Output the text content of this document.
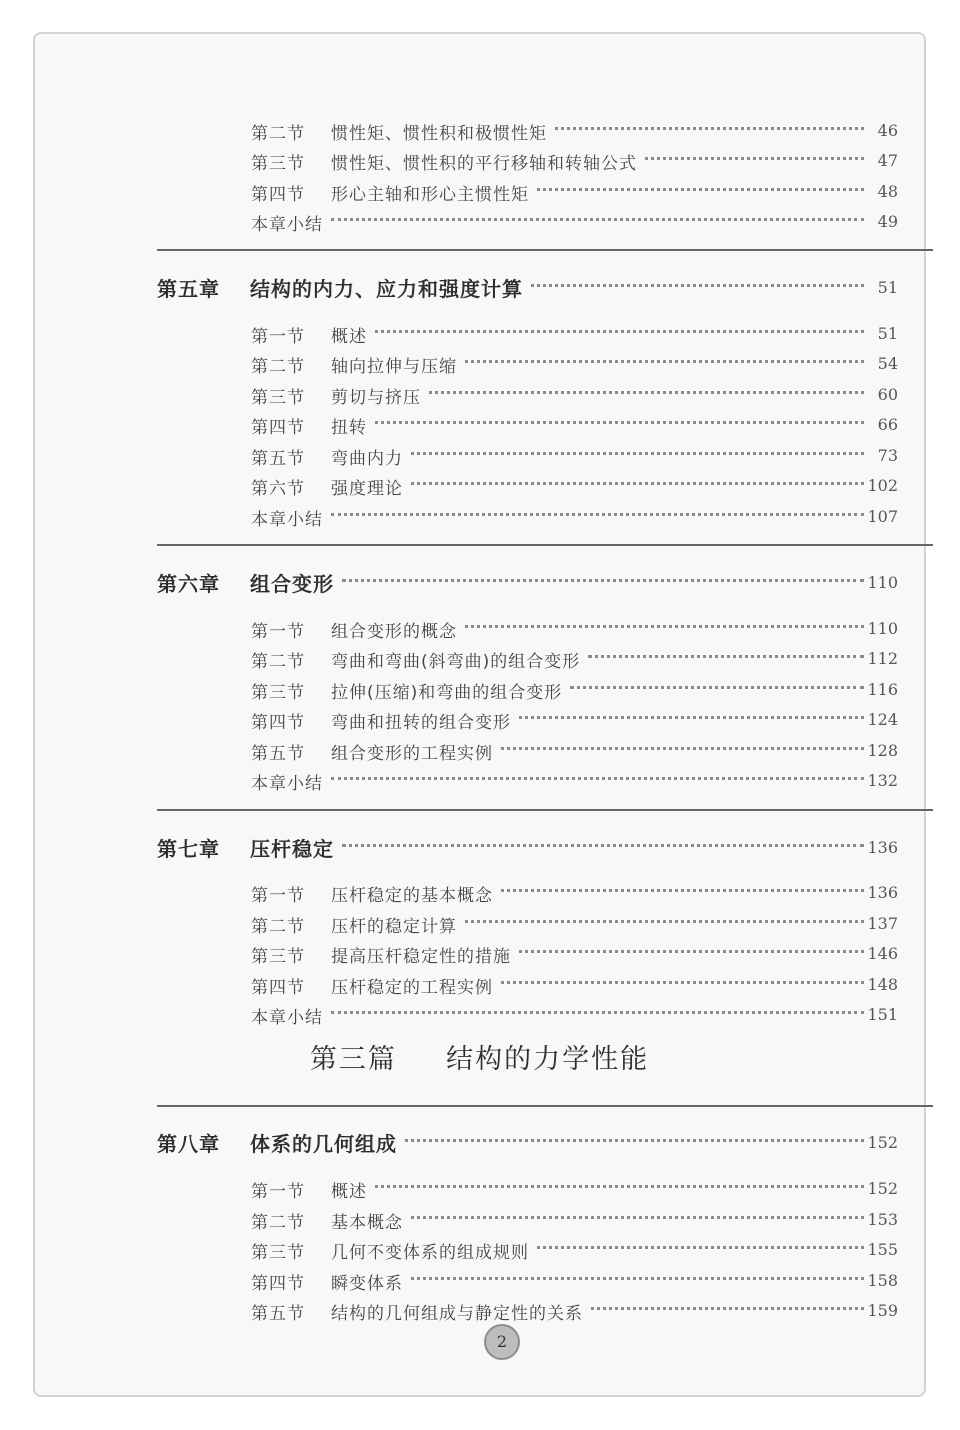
第二节 惯性矩、惯性积和极惯性矩	46
第三节 惯性矩、惯性积的平行移轴和转轴公式	47
第四节 形心主轴和形心主惯性矩	48
本章小结	49
第五章 结构的内力、应力和强度计算	51
第一节 概述	51
第二节 轴向拉伸与压缩	54
第三节 剪切与挤压	60
第四节 扭转	66
第五节 弯曲内力	73
第六节 强度理论	102
本章小结	107
第六章 组合变形	110
第一节 组合变形的概念	110
第二节 弯曲和弯曲(斜弯曲)的组合变形	112
第三节 拉伸(压缩)和弯曲的组合变形	116
第四节 弯曲和扭转的组合变形	124
第五节 组合变形的工程实例	128
本章小结	132
第七章 压杆稳定	136
第一节 压杆稳定的基本概念	136
第二节 压杆的稳定计算	137
第三节 提高压杆稳定性的措施	146
第四节 压杆稳定的工程实例	148
本章小结	151
第三篇 结构的力学性能
第八章 体系的几何组成	152
第一节 概述	152
第二节 基本概念	153
第三节 几何不变体系的组成规则	155
第四节 瞬变体系	158
第五节 结构的几何组成与静定性的关系	159
2
